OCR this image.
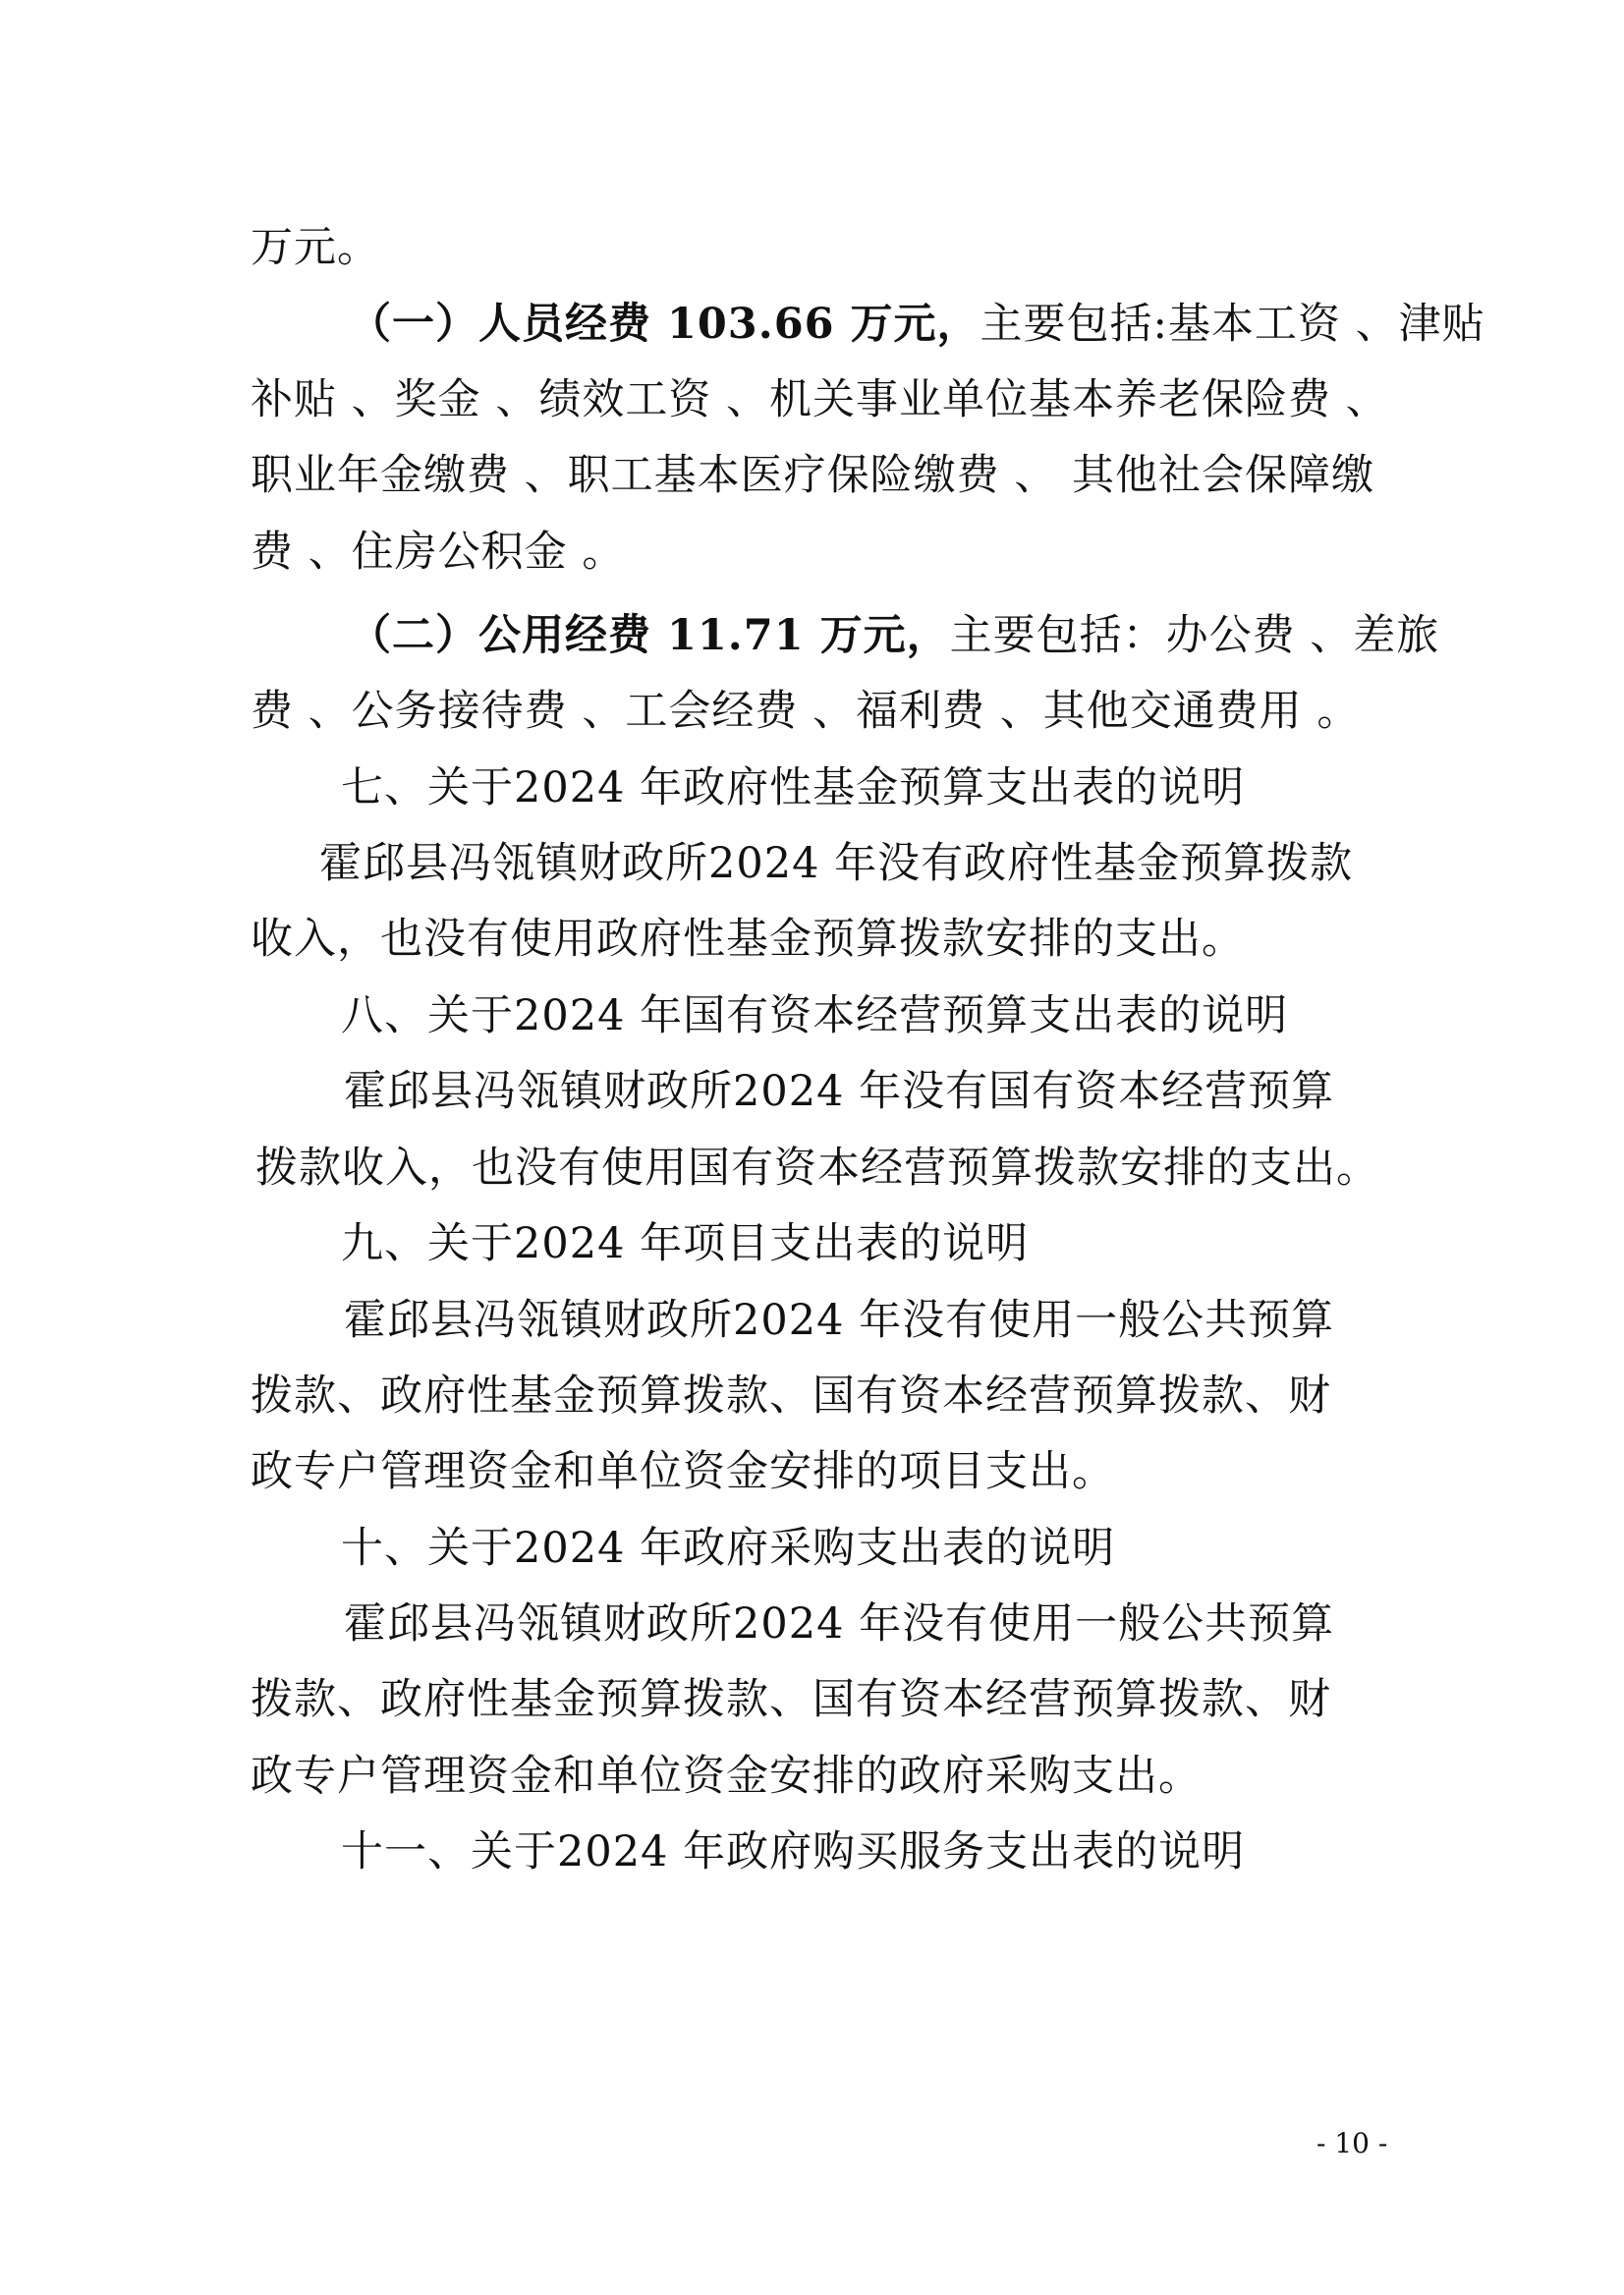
万元。
（一）人员经费 103.66 万元，主要包括:基本工资 、津贴
补贴 、奖金 、绩效工资 、机关事业单位基本养老保险费 、
职业年金缴费 、职工基本医疗保险缴费 、 其他社会保障缴
费 、住房公积金 。
（二）公用经费 11.71 万元，主要包括：办公费 、差旅
费 、公务接待费 、工会经费 、福利费 、其他交通费用 。
七、关于2024 年政府性基金预算支出表的说明
霍邱县冯瓴镇财政所2024 年没有政府性基金预算拨款
收入，也没有使用政府性基金预算拨款安排的支出。
八、关于2024 年国有资本经营预算支出表的说明
霍邱县冯瓴镇财政所2024 年没有国有资本经营预算
拨款收入，也没有使用国有资本经营预算拨款安排的支出。
九、关于2024 年项目支出表的说明
霍邱县冯瓴镇财政所2024 年没有使用一般公共预算
拨款、政府性基金预算拨款、国有资本经营预算拨款、财
政专户管理资金和单位资金安排的项目支出。
十、关于2024 年政府采购支出表的说明
霍邱县冯瓴镇财政所2024 年没有使用一般公共预算
拨款、政府性基金预算拨款、国有资本经营预算拨款、财
政专户管理资金和单位资金安排的政府采购支出。
十一、关于2024 年政府购买服务支出表的说明
- 10 -
